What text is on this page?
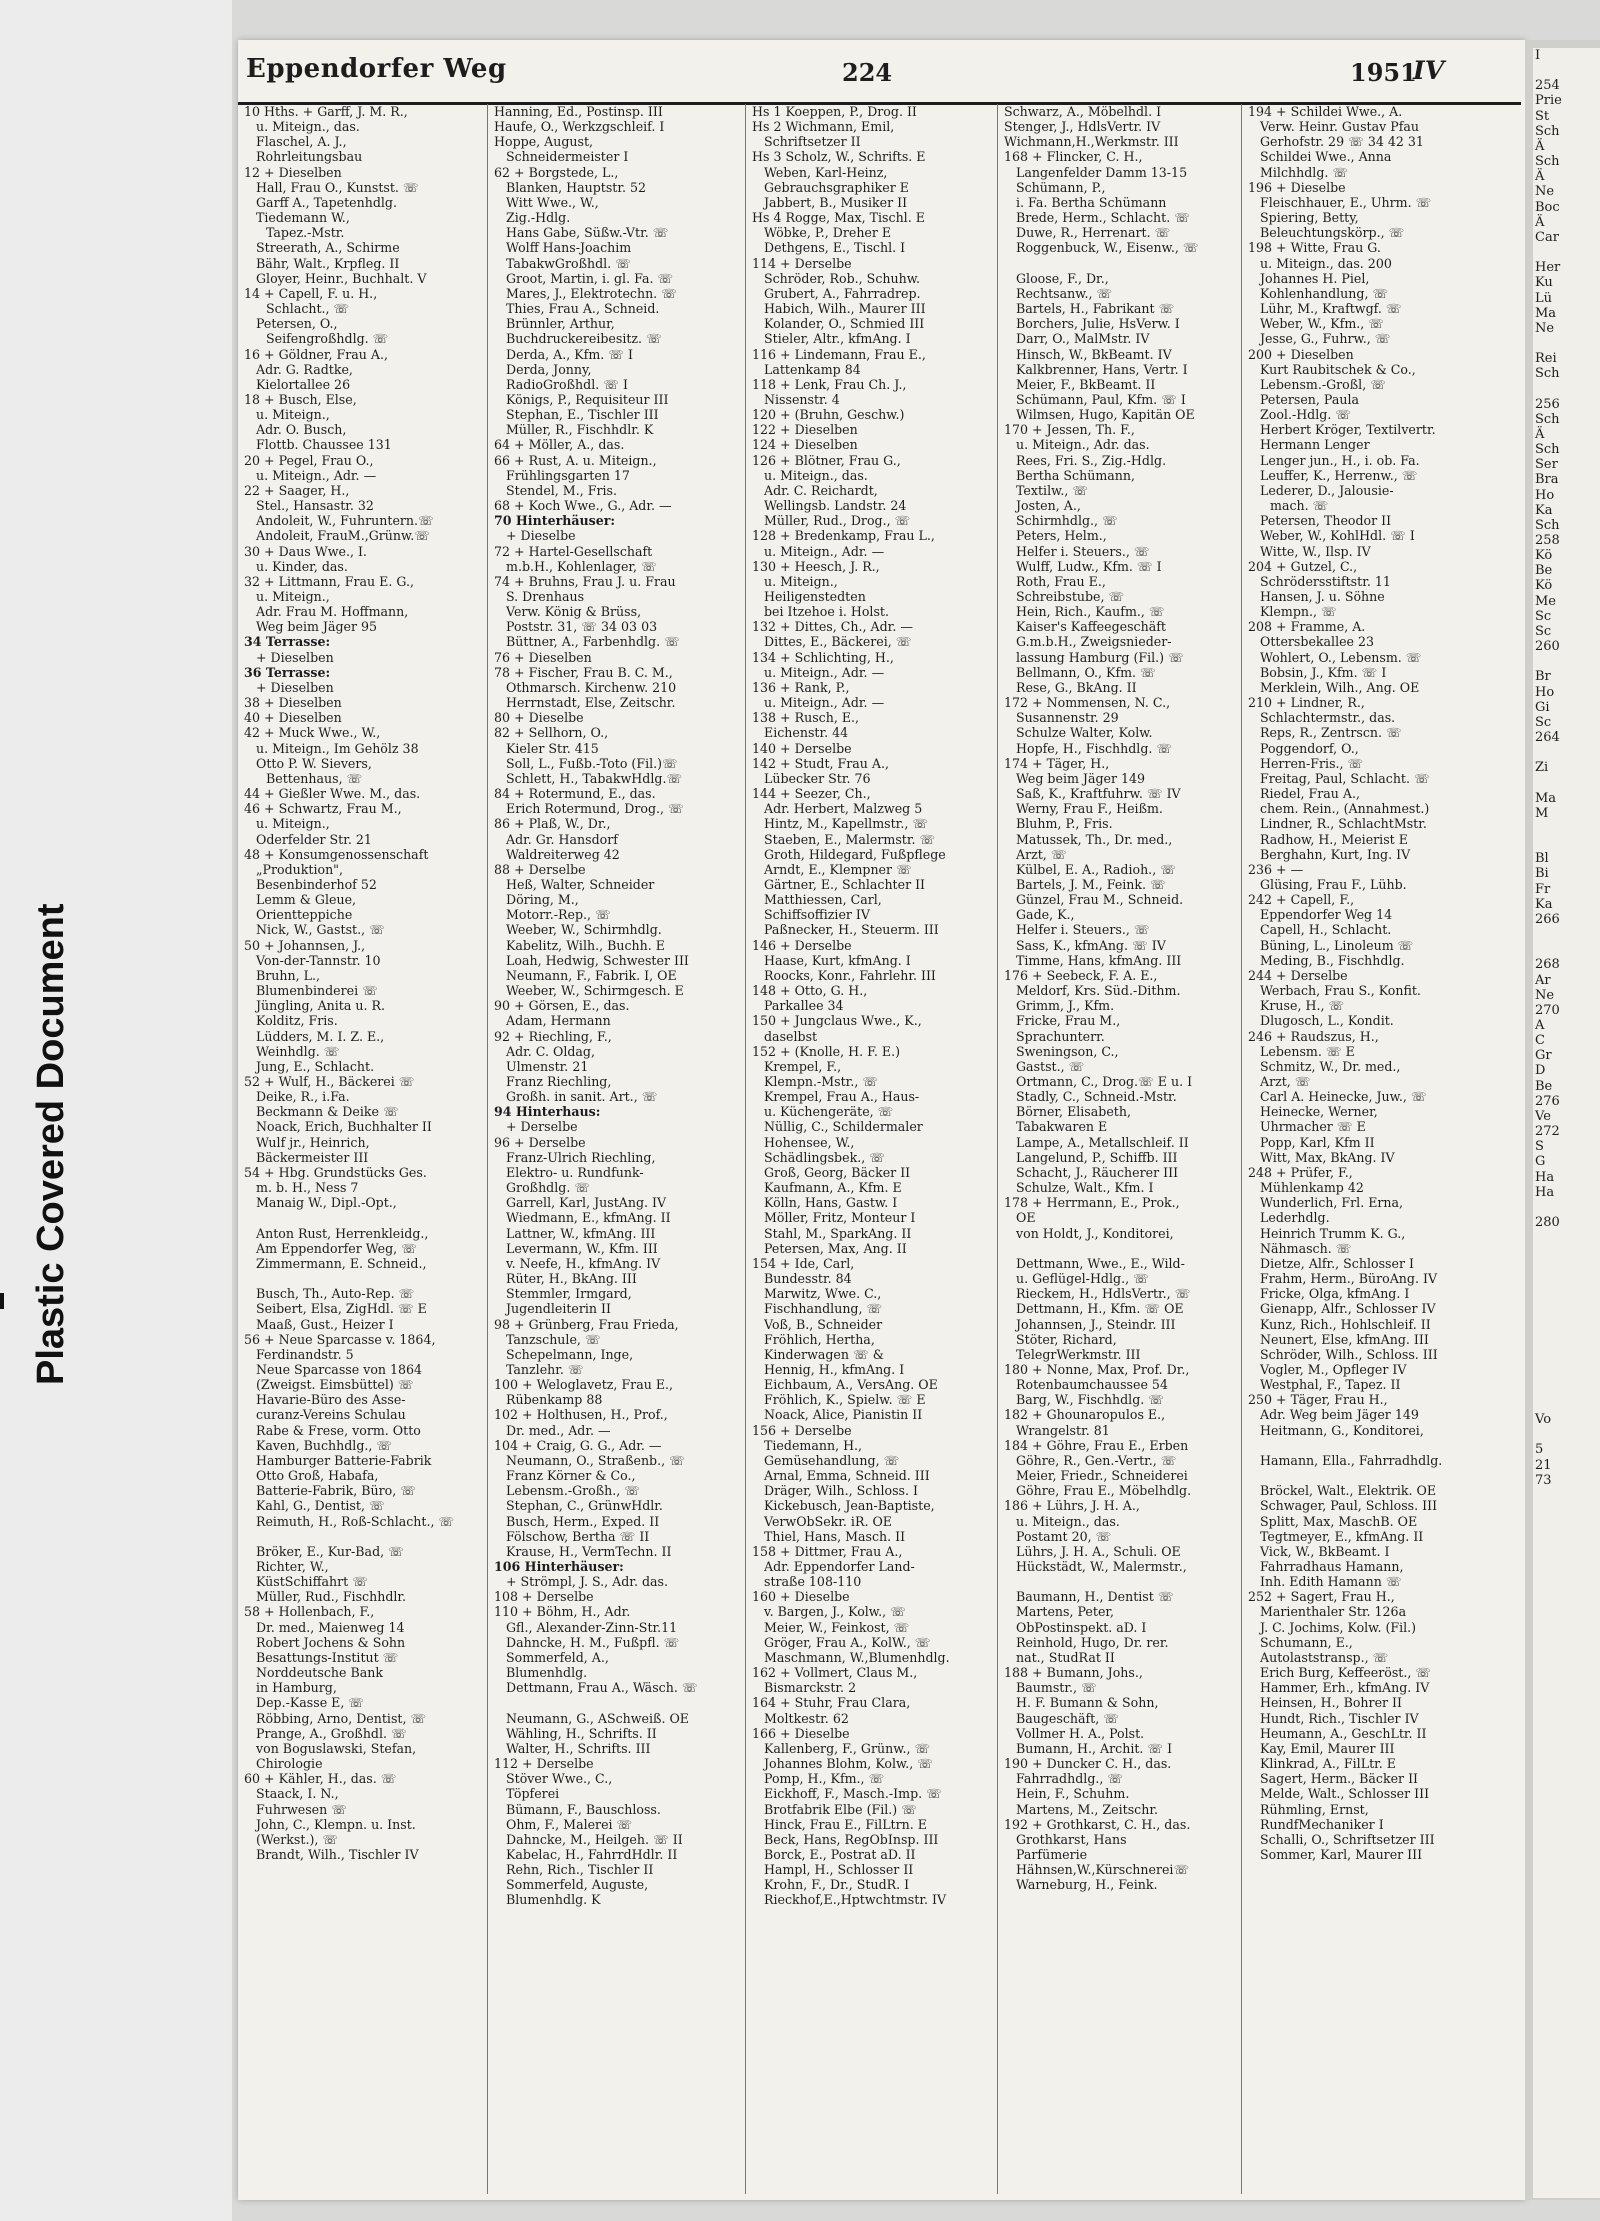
Plastic Covered Document
Eppendorfer Weg	224	1951
IV
10 Hths. + Garff, J. M. R.,
u. Miteign., das.
Flaschel, A. J.,
Rohrleitungsbau
12 + Dieselben
Hall, Frau O., Kunstst. ☏
Garff A., Tapetenhdlg.
Tiedemann W.,
Tapez.-Mstr.
Streerath, A., Schirme
Bähr, Walt., Krpfleg. II
Gloyer, Heinr., Buchhalt. V
14 + Capell, F. u. H.,
Schlacht., ☏
Petersen, O.,
Seifengroßhdlg. ☏
16 + Göldner, Frau A.,
Adr. G. Radtke,
Kielortallee 26
18 + Busch, Else,
u. Miteign.,
Adr. O. Busch,
Flottb. Chaussee 131
20 + Pegel, Frau O.,
u. Miteign., Adr. —
22 + Saager, H.,
Stel., Hansastr. 32
Andoleit, W., Fuhruntern.☏
Andoleit, FrauM.,Grünw.☏
30 + Daus Wwe., I.
u. Kinder, das.
32 + Littmann, Frau E. G.,
u. Miteign.,
Adr. Frau M. Hoffmann,
Weg beim Jäger 95
34 Terrasse:
+ Dieselben
36 Terrasse:
+ Dieselben
38 + Dieselben
40 + Dieselben
42 + Muck Wwe., W.,
u. Miteign., Im Gehölz 38
Otto P. W. Sievers,
Bettenhaus, ☏
44 + Gießler Wwe. M., das.
46 + Schwartz, Frau M.,
u. Miteign.,
Oderfelder Str. 21
48 + Konsumgenossenschaft
„Produktion",
Besenbinderhof 52
Lemm & Gleue,
Orientteppiche
Nick, W., Gastst., ☏
50 + Johannsen, J.,
Von-der-Tannstr. 10
Bruhn, L.,
Blumenbinderei ☏
Jüngling, Anita u. R.
Kolditz, Fris.
Lüdders, M. I. Z. E.,
Weinhdlg. ☏
Jung, E., Schlacht.
52 + Wulf, H., Bäckerei ☏
Deike, R., i.Fa.
Beckmann & Deike ☏
Noack, Erich, Buchhalter II
Wulf jr., Heinrich,
Bäckermeister III
54 + Hbg. Grundstücks Ges.
m. b. H., Ness 7
Manaig W., Dipl.-Opt.,

Anton Rust, Herrenkleidg.,
Am Eppendorfer Weg, ☏
Zimmermann, E. Schneid.,

Busch, Th., Auto-Rep. ☏
Seibert, Elsa, ZigHdl. ☏ E
Maaß, Gust., Heizer I
56 + Neue Sparcasse v. 1864,
Ferdinandstr. 5
Neue Sparcasse von 1864
(Zweigst. Eimsbüttel) ☏
Havarie-Büro des Asse-
curanz-Vereins Schulau
Rabe & Frese, vorm. Otto
Kaven, Buchhdlg., ☏
Hamburger Batterie-Fabrik
Otto Groß, Habafa,
Batterie-Fabrik, Büro, ☏
Kahl, G., Dentist, ☏
Reimuth, H., Roß-Schlacht., ☏

Bröker, E., Kur-Bad, ☏
Richter, W.,
KüstSchiffahrt ☏
Müller, Rud., Fischhdlr.
58 + Hollenbach, F.,
Dr. med., Maienweg 14
Robert Jochens & Sohn
Besattungs-Institut ☏
Norddeutsche Bank
in Hamburg,
Dep.-Kasse E, ☏
Röbbing, Arno, Dentist, ☏
Prange, A., Großhdl. ☏
von Boguslawski, Stefan,
Chirologie
60 + Kähler, H., das. ☏
Staack, I. N.,
Fuhrwesen ☏
John, C., Klempn. u. Inst.
(Werkst.), ☏
Brandt, Wilh., Tischler IV
Hanning, Ed., Postinsp. III
Haufe, O., Werkzgschleif. I
Hoppe, August,
Schneidermeister I
62 + Borgstede, L.,
Blanken, Hauptstr. 52
Witt Wwe., W.,
Zig.-Hdlg.
Hans Gabe, Süßw.-Vtr. ☏
Wolff Hans-Joachim
TabakwGroßhdl. ☏
Groot, Martin, i. gl. Fa. ☏
Mares, J., Elektrotechn. ☏
Thies, Frau A., Schneid.
Brünnler, Arthur,
Buchdruckereibesitz. ☏
Derda, A., Kfm. ☏ I
Derda, Jonny,
RadioGroßhdl. ☏ I
Königs, P., Requisiteur III
Stephan, E., Tischler III
Müller, R., Fischhdlr. K
64 + Möller, A., das.
66 + Rust, A. u. Miteign.,
Frühlingsgarten 17
Stendel, M., Fris.
68 + Koch Wwe., G., Adr. —
70 Hinterhäuser:
+ Dieselbe
72 + Hartel-Gesellschaft
m.b.H., Kohlenlager, ☏
74 + Bruhns, Frau J. u. Frau
S. Drenhaus
Verw. König & Brüss,
Poststr. 31, ☏ 34 03 03
Büttner, A., Farbenhdlg. ☏
76 + Dieselben
78 + Fischer, Frau B. C. M.,
Othmarsch. Kirchenw. 210
Herrnstadt, Else, Zeitschr.
80 + Dieselbe
82 + Sellhorn, O.,
Kieler Str. 415
Soll, L., Fußb.-Toto (Fil.)☏
Schlett, H., TabakwHdlg.☏
84 + Rotermund, E., das.
Erich Rotermund, Drog., ☏
86 + Plaß, W., Dr.,
Adr. Gr. Hansdorf
Waldreiterweg 42
88 + Derselbe
Heß, Walter, Schneider
Döring, M.,
Motorr.-Rep., ☏
Weeber, W., Schirmhdlg.
Kabelitz, Wilh., Buchh. E
Loah, Hedwig, Schwester III
Neumann, F., Fabrik. I, OE
Weeber, W., Schirmgesch. E
90 + Görsen, E., das.
Adam, Hermann
92 + Riechling, F.,
Adr. C. Oldag,
Ulmenstr. 21
Franz Riechling,
Großh. in sanit. Art., ☏
94 Hinterhaus:
+ Derselbe
96 + Derselbe
Franz-Ulrich Riechling,
Elektro- u. Rundfunk-
Großhdlg. ☏
Garrell, Karl, JustAng. IV
Wiedmann, E., kfmAng. II
Lattner, W., kfmAng. III
Levermann, W., Kfm. III
v. Neefe, H., kfmAng. IV
Rüter, H., BkAng. III
Stemmler, Irmgard,
Jugendleiterin II
98 + Grünberg, Frau Frieda,
Tanzschule, ☏
Schepelmann, Inge,
Tanzlehr. ☏
100 + Weloglavetz, Frau E.,
Rübenkamp 88
102 + Holthusen, H., Prof.,
Dr. med., Adr. —
104 + Craig, G. G., Adr. —
Neumann, O., Straßenb., ☏
Franz Körner & Co.,
Lebensm.-Großh., ☏
Stephan, C., GrünwHdlr.
Busch, Herm., Exped. II
Fölschow, Bertha ☏ II
Krause, H., VermTechn. II
106 Hinterhäuser:
+ Strömpl, J. S., Adr. das.
108 + Derselbe
110 + Böhm, H., Adr.
Gfl., Alexander-Zinn-Str.11
Dahncke, H. M., Fußpfl. ☏
Sommerfeld, A.,
Blumenhdlg.
Dettmann, Frau A., Wäsch. ☏

Neumann, G., ASchweiß. OE
Wähling, H., Schrifts. II
Walter, H., Schrifts. III
112 + Derselbe
Stöver Wwe., C.,
Töpferei
Bümann, F., Bauschloss.
Ohm, F., Malerei ☏
Dahncke, M., Heilgeh. ☏ II
Kabelac, H., FahrrdHdlr. II
Rehn, Rich., Tischler II
Sommerfeld, Auguste,
Blumenhdlg. K
Hs 1 Koeppen, P., Drog. II
Hs 2 Wichmann, Emil,
Schriftsetzer II
Hs 3 Scholz, W., Schrifts. E
Weben, Karl-Heinz,
Gebrauchsgraphiker E
Jabbert, B., Musiker II
Hs 4 Rogge, Max, Tischl. E
Wöbke, P., Dreher E
Dethgens, E., Tischl. I
114 + Derselbe
Schröder, Rob., Schuhw.
Grubert, A., Fahrradrep.
Habich, Wilh., Maurer III
Kolander, O., Schmied III
Stieler, Altr., kfmAng. I
116 + Lindemann, Frau E.,
Lattenkamp 84
118 + Lenk, Frau Ch. J.,
Nissenstr. 4
120 + (Bruhn, Geschw.)
122 + Dieselben
124 + Dieselben
126 + Blötner, Frau G.,
u. Miteign., das.
Adr. C. Reichardt,
Wellingsb. Landstr. 24
Müller, Rud., Drog., ☏
128 + Bredenkamp, Frau L.,
u. Miteign., Adr. —
130 + Heesch, J. R.,
u. Miteign.,
Heiligenstedten
bei Itzehoe i. Holst.
132 + Dittes, Ch., Adr. —
Dittes, E., Bäckerei, ☏
134 + Schlichting, H.,
u. Miteign., Adr. —
136 + Rank, P.,
u. Miteign., Adr. —
138 + Rusch, E.,
Eichenstr. 44
140 + Derselbe
142 + Studt, Frau A.,
Lübecker Str. 76
144 + Seezer, Ch.,
Adr. Herbert, Malzweg 5
Hintz, M., Kapellmstr., ☏
Staeben, E., Malermstr. ☏
Groth, Hildegard, Fußpflege
Arndt, E., Klempner ☏
Gärtner, E., Schlachter II
Matthiessen, Carl,
Schiffsoffizier IV
Paßnecker, H., Steuerm. III
146 + Derselbe
Haase, Kurt, kfmAng. I
Roocks, Konr., Fahrlehr. III
148 + Otto, G. H.,
Parkallee 34
150 + Jungclaus Wwe., K.,
daselbst
152 + (Knolle, H. F. E.)
Krempel, F.,
Klempn.-Mstr., ☏
Krempel, Frau A., Haus-
u. Küchengeräte, ☏
Nüllig, C., Schildermaler
Hohensee, W.,
Schädlingsbek., ☏
Groß, Georg, Bäcker II
Kaufmann, A., Kfm. E
Kölln, Hans, Gastw. I
Möller, Fritz, Monteur I
Stahl, M., SparkAng. II
Petersen, Max, Ang. II
154 + Ide, Carl,
Bundesstr. 84
Marwitz, Wwe. C.,
Fischhandlung, ☏
Voß, B., Schneider
Fröhlich, Hertha,
Kinderwagen ☏ &
Hennig, H., kfmAng. I
Eichbaum, A., VersAng. OE
Fröhlich, K., Spielw. ☏ E
Noack, Alice, Pianistin II
156 + Derselbe
Tiedemann, H.,
Gemüsehandlung, ☏
Arnal, Emma, Schneid. III
Dräger, Wilh., Schloss. I
Kickebusch, Jean-Baptiste,
VerwObSekr. iR. OE
Thiel, Hans, Masch. II
158 + Dittmer, Frau A.,
Adr. Eppendorfer Land-
straße 108-110
160 + Dieselbe
v. Bargen, J., Kolw., ☏
Meier, W., Feinkost, ☏
Gröger, Frau A., KolW., ☏
Maschmann, W.,Blumenhdlg.
162 + Vollmert, Claus M.,
Bismarckstr. 2
164 + Stuhr, Frau Clara,
Moltkestr. 62
166 + Dieselbe
Kallenberg, F., Grünw., ☏
Johannes Blohm, Kolw., ☏
Pomp, H., Kfm., ☏
Eickhoff, F., Masch.-Imp. ☏
Brotfabrik Elbe (Fil.) ☏
Hinck, Frau E., FilLtrn. E
Beck, Hans, RegObInsp. III
Borck, E., Postrat aD. II
Hampl, H., Schlosser II
Krohn, F., Dr., StudR. I
Rieckhof,E.,Hptwchtmstr. IV
Schwarz, A., Möbelhdl. I
Stenger, J., HdlsVertr. IV
Wichmann,H.,Werkmstr. III
168 + Flincker, C. H.,
Langenfelder Damm 13-15
Schümann, P.,
i. Fa. Bertha Schümann
Brede, Herm., Schlacht. ☏
Duwe, R., Herrenart. ☏
Roggenbuck, W., Eisenw., ☏

Gloose, F., Dr.,
Rechtsanw., ☏
Bartels, H., Fabrikant ☏
Borchers, Julie, HsVerw. I
Darr, O., MalMstr. IV
Hinsch, W., BkBeamt. IV
Kalkbrenner, Hans, Vertr. I
Meier, F., BkBeamt. II
Schümann, Paul, Kfm. ☏ I
Wilmsen, Hugo, Kapitän OE
170 + Jessen, Th. F.,
u. Miteign., Adr. das.
Rees, Fri. S., Zig.-Hdlg.
Bertha Schümann,
Textilw., ☏
Josten, A.,
Schirmhdlg., ☏
Peters, Helm.,
Helfer i. Steuers., ☏
Wulff, Ludw., Kfm. ☏ I
Roth, Frau E.,
Schreibstube, ☏
Hein, Rich., Kaufm., ☏
Kaiser's Kaffeegeschäft
G.m.b.H., Zweigsnieder-
lassung Hamburg (Fil.) ☏
Bellmann, O., Kfm. ☏
Rese, G., BkAng. II
172 + Nommensen, N. C.,
Susannenstr. 29
Schulze Walter, Kolw.
Hopfe, H., Fischhdlg. ☏
174 + Täger, H.,
Weg beim Jäger 149
Saß, K., Kraftfuhrw. ☏ IV
Werny, Frau F., Heißm.
Bluhm, P., Fris.
Matussek, Th., Dr. med.,
Arzt, ☏
Külbel, E. A., Radioh., ☏
Bartels, J. M., Feink. ☏
Günzel, Frau M., Schneid.
Gade, K.,
Helfer i. Steuers., ☏
Sass, K., kfmAng. ☏ IV
Timme, Hans, kfmAng. III
176 + Seebeck, F. A. E.,
Meldorf, Krs. Süd.-Dithm.
Grimm, J., Kfm.
Fricke, Frau M.,
Sprachunterr.
Sweningson, C.,
Gastst., ☏
Ortmann, C., Drog.☏ E u. I
Stadly, C., Schneid.-Mstr.
Börner, Elisabeth,
Tabakwaren E
Lampe, A., Metallschleif. II
Langelund, P., Schiffb. III
Schacht, J., Räucherer III
Schulze, Walt., Kfm. I
178 + Herrmann, E., Prok.,
OE
von Holdt, J., Konditorei,

Dettmann, Wwe., E., Wild-
u. Geflügel-Hdlg., ☏
Rieckem, H., HdlsVertr., ☏
Dettmann, H., Kfm. ☏ OE
Johannsen, J., Steindr. III
Stöter, Richard,
TelegrWerkmstr. III
180 + Nonne, Max, Prof. Dr.,
Rotenbaumchaussee 54
Barg, W., Fischhdlg. ☏
182 + Ghounaropulos E.,
Wrangelstr. 81
184 + Göhre, Frau E., Erben
Göhre, R., Gen.-Vertr., ☏
Meier, Friedr., Schneiderei
Göhre, Frau E., Möbelhdlg.
186 + Lührs, J. H. A.,
u. Miteign., das.
Postamt 20, ☏
Lührs, J. H. A., Schuli. OE
Hückstädt, W., Malermstr.,

Baumann, H., Dentist ☏
Martens, Peter,
ObPostinspekt. aD. I
Reinhold, Hugo, Dr. rer.
nat., StudRat II
188 + Bumann, Johs.,
Baumstr., ☏
H. F. Bumann & Sohn,
Baugeschäft, ☏
Vollmer H. A., Polst.
Bumann, H., Archit. ☏ I
190 + Duncker C. H., das.
Fahrradhdlg., ☏
Hein, F., Schuhm.
Martens, M., Zeitschr.
192 + Grothkarst, C. H., das.
Grothkarst, Hans
Parfümerie
Hähnsen,W.,Kürschnerei☏
Warneburg, H., Feink.
194 + Schildei Wwe., A.
Verw. Heinr. Gustav Pfau
Gerhofstr. 29 ☏ 34 42 31
Schildei Wwe., Anna
Milchhdlg. ☏
196 + Dieselbe
Fleischhauer, E., Uhrm. ☏
Spiering, Betty,
Beleuchtungskörp., ☏
198 + Witte, Frau G.
u. Miteign., das. 200
Johannes H. Piel,
Kohlenhandlung, ☏
Lühr, M., Kraftwgf. ☏
Weber, W., Kfm., ☏
Jesse, G., Fuhrw., ☏
200 + Dieselben
Kurt Raubitschek & Co.,
Lebensm.-Großl, ☏
Petersen, Paula
Zool.-Hdlg. ☏
Herbert Kröger, Textilvertr.
Hermann Lenger
Lenger jun., H., i. ob. Fa.
Leuffer, K., Herrenw., ☏
Lederer, D., Jalousie-
mach. ☏
Petersen, Theodor II
Weber, W., KohlHdl. ☏ I
Witte, W., Ilsp. IV
204 + Gutzel, C.,
Schrödersstiftstr. 11
Hansen, J. u. Söhne
Klempn., ☏
208 + Framme, A.
Ottersbekallee 23
Wohlert, O., Lebensm. ☏
Bobsin, J., Kfm. ☏ I
Merklein, Wilh., Ang. OE
210 + Lindner, R.,
Schlachtermstr., das.
Reps, R., Zentrscn. ☏
Poggendorf, O.,
Herren-Fris., ☏
Freitag, Paul, Schlacht. ☏
Riedel, Frau A.,
chem. Rein., (Annahmest.)
Lindner, R., SchlachtMstr.
Radhow, H., Meierist E
Berghahn, Kurt, Ing. IV
236 + —
Glüsing, Frau F., Lühb.
242 + Capell, F.,
Eppendorfer Weg 14
Capell, H., Schlacht.
Büning, L., Linoleum ☏
Meding, B., Fischhdlg.
244 + Derselbe
Werbach, Frau S., Konfit.
Kruse, H., ☏
Dlugosch, L., Kondit.
246 + Raudszus, H.,
Lebensm. ☏ E
Schmitz, W., Dr. med.,
Arzt, ☏
Carl A. Heinecke, Juw., ☏
Heinecke, Werner,
Uhrmacher ☏ E
Popp, Karl, Kfm II
Witt, Max, BkAng. IV
248 + Prüfer, F.,
Mühlenkamp 42
Wunderlich, Frl. Erna,
Lederhdlg.
Heinrich Trumm K. G.,
Nähmasch. ☏
Dietze, Alfr., Schlosser I
Frahm, Herm., BüroAng. IV
Fricke, Olga, kfmAng. I
Gienapp, Alfr., Schlosser IV
Kunz, Rich., Hohlschleif. II
Neunert, Else, kfmAng. III
Schröder, Wilh., Schloss. III
Vogler, M., Opfleger IV
Westphal, F., Tapez. II
250 + Täger, Frau H.,
Adr. Weg beim Jäger 149
Heitmann, G., Konditorei,

Hamann, Ella., Fahrradhdlg.

Bröckel, Walt., Elektrik. OE
Schwager, Paul, Schloss. III
Splitt, Max, MaschB. OE
Tegtmeyer, E., kfmAng. II
Vick, W., BkBeamt. I
Fahrradhaus Hamann,
Inh. Edith Hamann ☏
252 + Sagert, Frau H.,
Marienthaler Str. 126a
J. C. Jochims, Kolw. (Fil.)
Schumann, E.,
Autolaststransp., ☏
Erich Burg, Keffeeröst., ☏
Hammer, Erh., kfmAng. IV
Heinsen, H., Bohrer II
Hundt, Rich., Tischler IV
Heumann, A., GeschLtr. II
Kay, Emil, Maurer III
Klinkrad, A., FilLtr. E
Sagert, Herm., Bäcker II
Melde, Walt., Schlosser III
Rühmling, Ernst,
RundfMechaniker I
Schalli, O., Schriftsetzer III
Sommer, Karl, Maurer III
I

254
Prie
St
Sch
Ä
Sch
Ä
Ne
Boc
Ä
Car

Her
Ku
Lü
Ma
Ne

Rei
Sch

256
Sch
Ä
Sch
Ser
Bra
Ho
Ka
Sch
258
Kö
Be
Kö
Me
Sc
Sc
260

Br
Ho
Gi
Sc
264

Zi

Ma
M

Bl
Bi
Fr
Ka
266

268
Ar
Ne
270
A
C
Gr
D
Be
276
Ve
272
S
G
Ha
Ha

280

Vo

5
21
73
